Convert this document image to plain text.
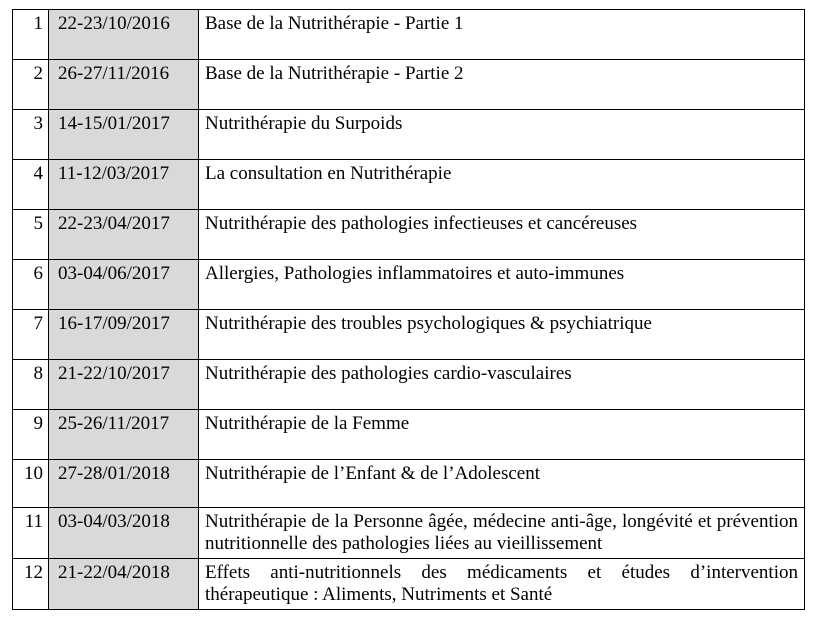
1	22-23/10/2016	Base de la Nutrithérapie - Partie 1
2	26-27/11/2016	Base de la Nutrithérapie - Partie 2
3	14-15/01/2017	Nutrithérapie du Surpoids
4	11-12/03/2017	La consultation en Nutrithérapie
5	22-23/04/2017	Nutrithérapie des pathologies infectieuses et cancéreuses
6	03-04/06/2017	Allergies, Pathologies inflammatoires et auto-immunes
7	16-17/09/2017	Nutrithérapie des troubles psychologiques & psychiatrique
8	21-22/10/2017	Nutrithérapie des pathologies cardio-vasculaires
9	25-26/11/2017	Nutrithérapie de la Femme
10	27-28/01/2018	Nutrithérapie de l’Enfant & de l’Adolescent
11	03-04/03/2018	Nutrithérapie de la Personne âgée, médecine anti-âge, longévité et prévention nutritionnelle des pathologies liées au vieillissement
12	21-22/04/2018	Effets anti-nutritionnels des médicaments et études d’intervention thérapeutique : Aliments, Nutriments et Santé
